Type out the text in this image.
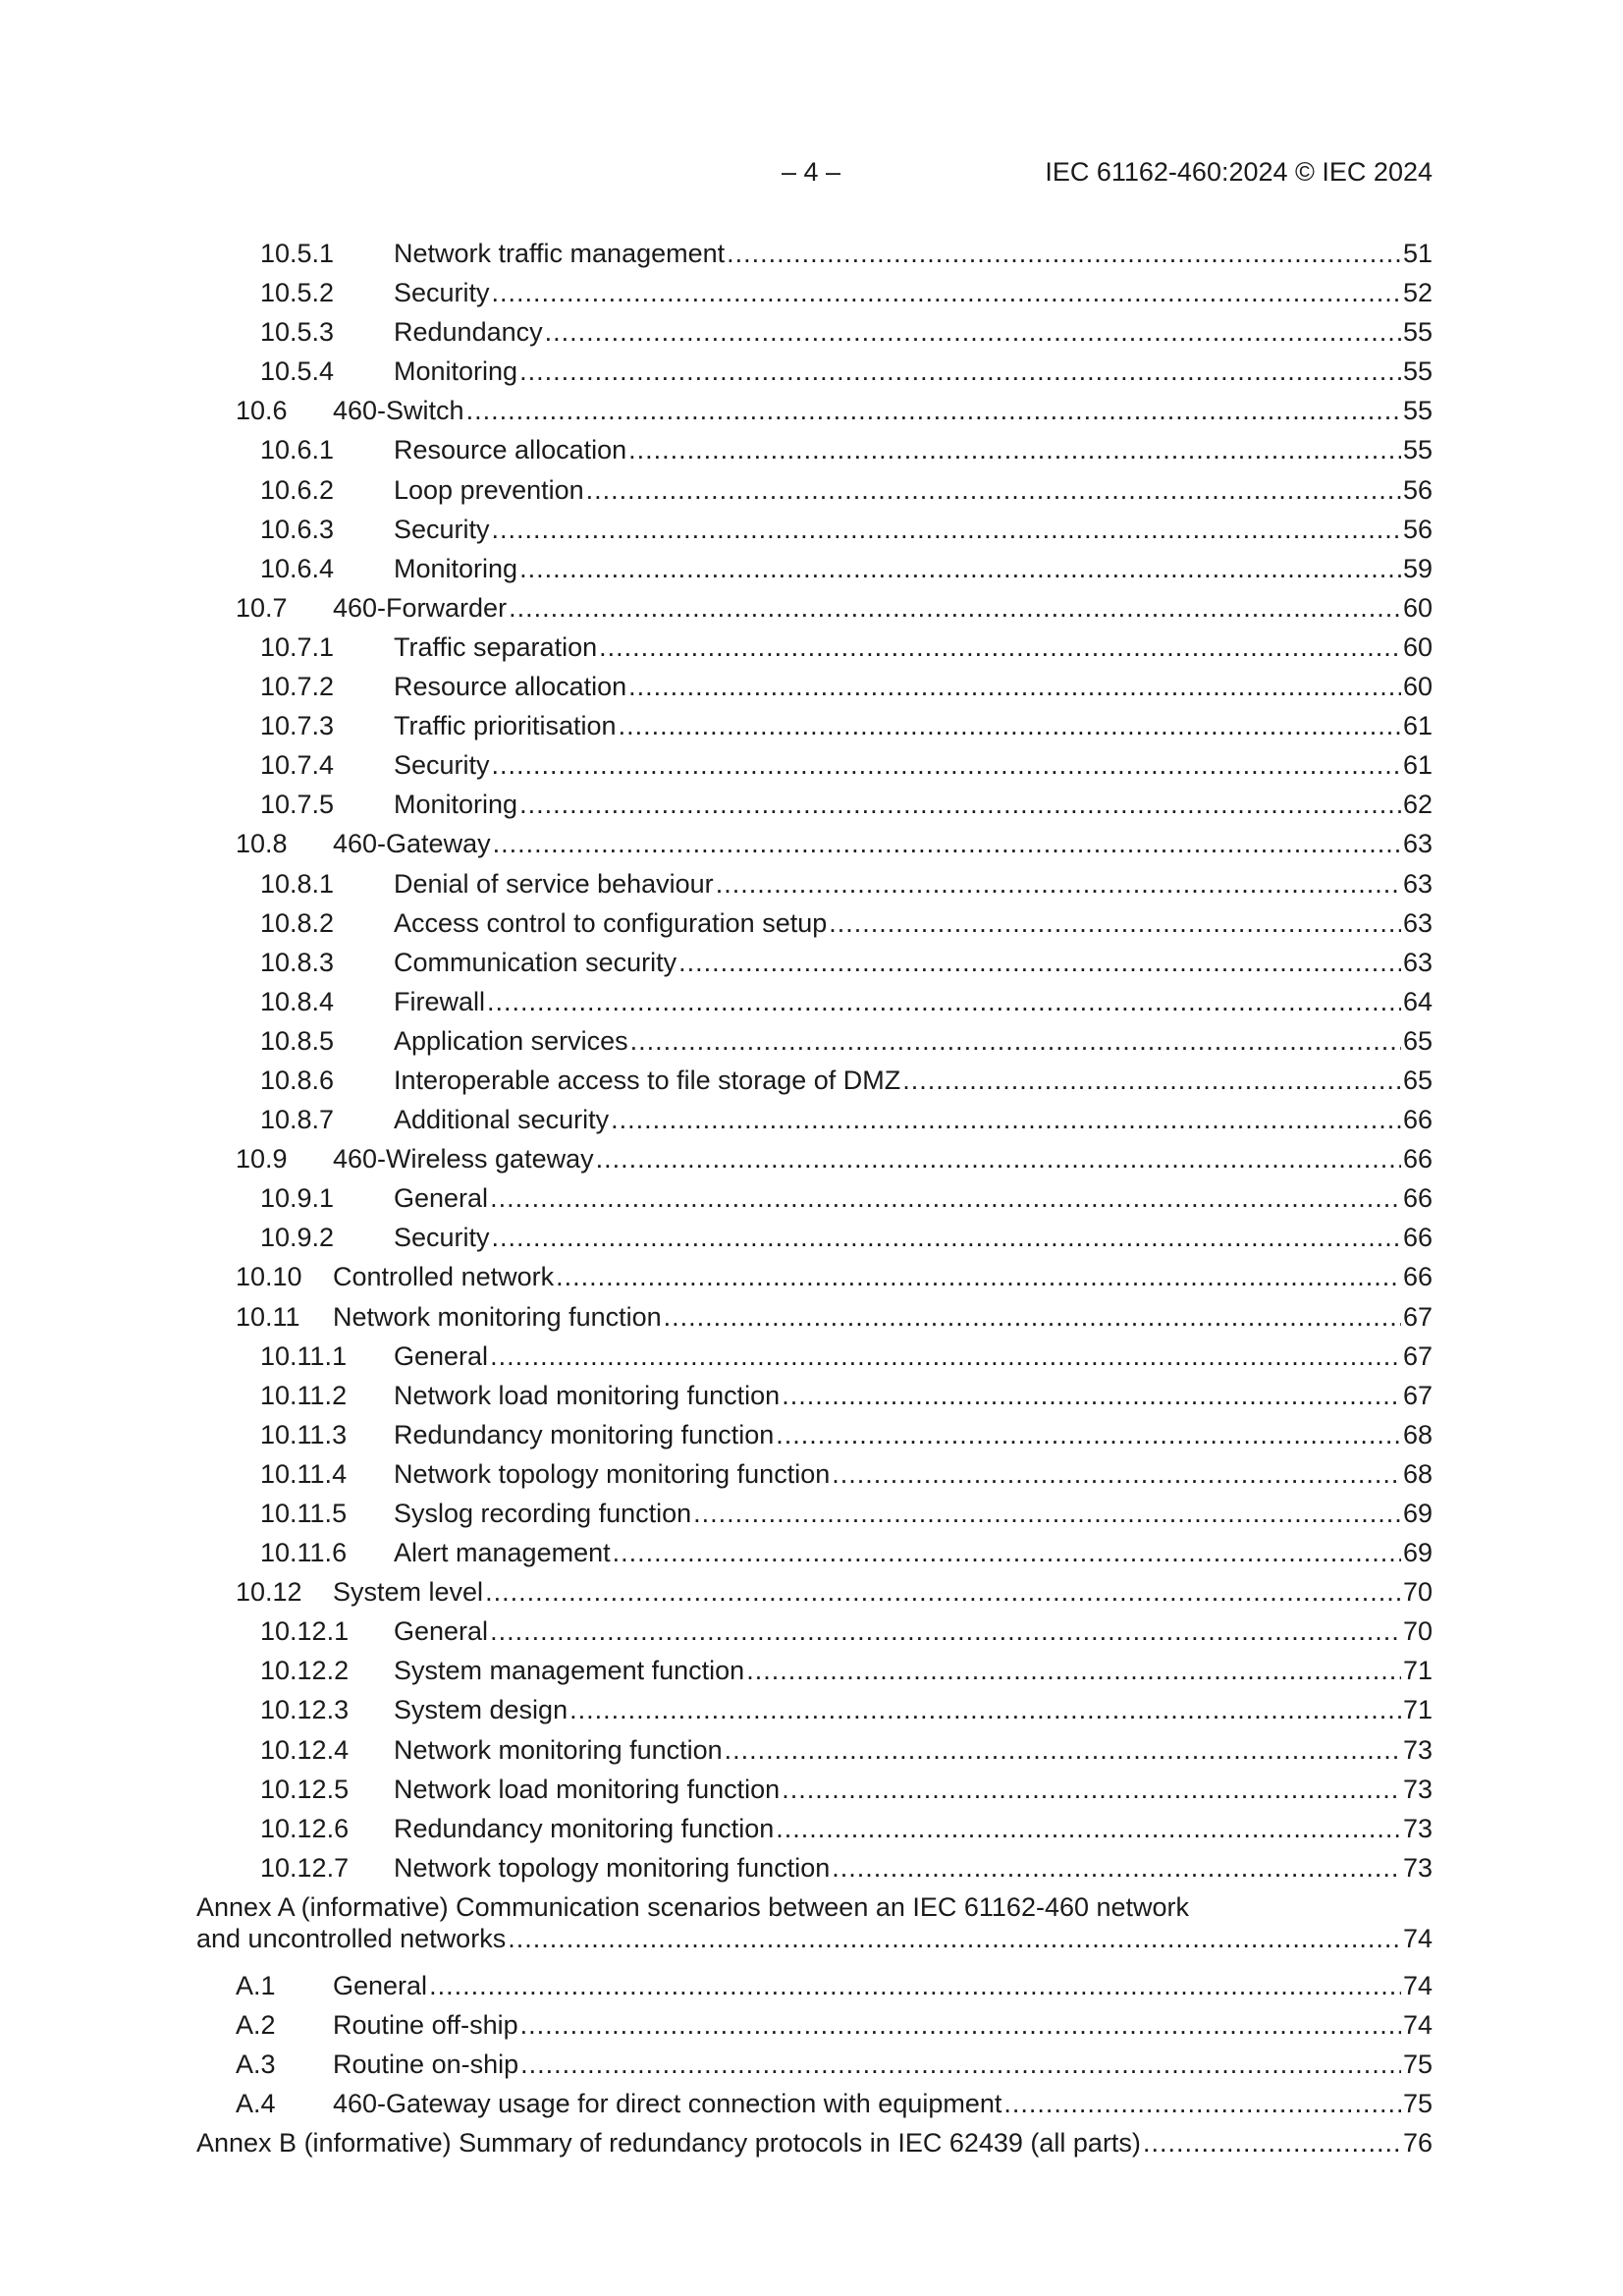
– 4 –	IEC 61162-460:2024 © IEC 2024
10.5.1 Network traffic management .....	51
10.5.2 Security .....	52
10.5.3 Redundancy .....	55
10.5.4 Monitoring .....	55
10.6 460-Switch .....	55
10.6.1 Resource allocation .....	55
10.6.2 Loop prevention .....	56
10.6.3 Security .....	56
10.6.4 Monitoring .....	59
10.7 460-Forwarder .....	60
10.7.1 Traffic separation .....	60
10.7.2 Resource allocation .....	60
10.7.3 Traffic prioritisation .....	61
10.7.4 Security .....	61
10.7.5 Monitoring .....	62
10.8 460-Gateway .....	63
10.8.1 Denial of service behaviour .....	63
10.8.2 Access control to configuration setup .....	63
10.8.3 Communication security .....	63
10.8.4 Firewall .....	64
10.8.5 Application services .....	65
10.8.6 Interoperable access to file storage of DMZ .....	65
10.8.7 Additional security .....	66
10.9 460-Wireless gateway .....	66
10.9.1 General .....	66
10.9.2 Security .....	66
10.10 Controlled network .....	66
10.11 Network monitoring function .....	67
10.11.1 General .....	67
10.11.2 Network load monitoring function .....	67
10.11.3 Redundancy monitoring function .....	68
10.11.4 Network topology monitoring function .....	68
10.11.5 Syslog recording function .....	69
10.11.6 Alert management .....	69
10.12 System level .....	70
10.12.1 General .....	70
10.12.2 System management function .....	71
10.12.3 System design .....	71
10.12.4 Network monitoring function .....	73
10.12.5 Network load monitoring function .....	73
10.12.6 Redundancy monitoring function .....	73
10.12.7 Network topology monitoring function .....	73
Annex A (informative) Communication scenarios between an IEC 61162-460 network
and uncontrolled networks .....	74
A.1 General .....	74
A.2 Routine off-ship .....	74
A.3 Routine on-ship .....	75
A.4 460-Gateway usage for direct connection with equipment .....	75
Annex B (informative) Summary of redundancy protocols in IEC 62439 (all parts) .....	76
